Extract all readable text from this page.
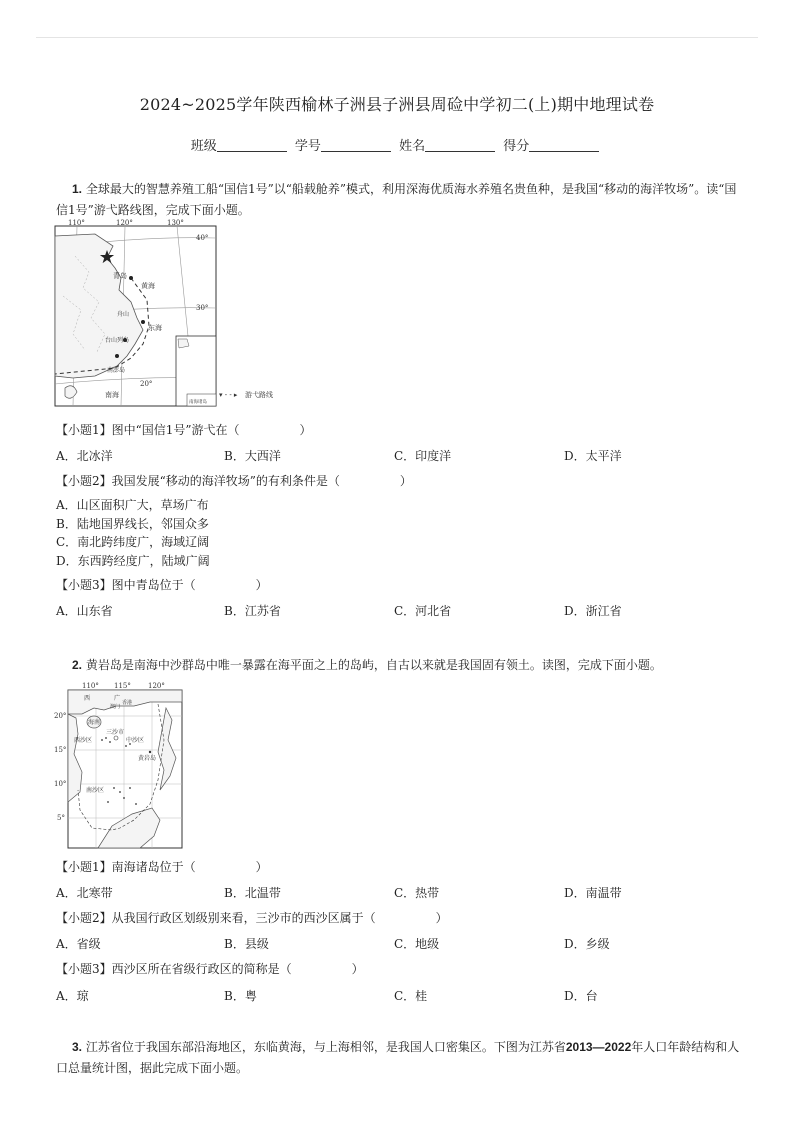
2024~2025学年陕西榆林子洲县子洲县周硷中学初二(上)期中地理试卷
班级	学号	姓名	得分
1. 全球最大的智慧养殖工船“国信1号”以“船载舱养”模式，利用深海优质海水养殖名贵鱼种，是我国“移动的海洋牧场”。读“国信1号”游弋路线图，完成下面小题。
110°	120°	130°
40°
30°
20°
青岛
黄海
东海
舟山
台山列岛
南澎岛
南海
南海诸岛
▾ - - ▸ 游弋路线
【小题1】图中“国信1号”游弋在（　　　　　）
A．北冰洋	B．大西洋	C．印度洋	D．太平洋
【小题2】我国发展“移动的海洋牧场”的有利条件是（　　　　　）
A．山区面积广大，草场广布
B．陆地国界线长，邻国众多
C．南北跨纬度广，海域辽阔
D．东西跨经度广，陆域广阔
【小题3】图中青岛位于（　　　　　）
A．山东省	B．江苏省	C．河北省	D．浙江省
2. 黄岩岛是南海中沙群岛中唯一暴露在海平面之上的岛屿，自古以来就是我国固有领土。读图，完成下面小题。
110° 115° 120°
20°
15°
10°
5°
西	广
澳门
香港
海南
三沙市
西沙区	中沙区
黄岩岛
南沙区
【小题1】南海诸岛位于（　　　　　）
A．北寒带	B．北温带	C．热带	D．南温带
【小题2】从我国行政区划级别来看，三沙市的西沙区属于（　　　　　）
A．省级	B．县级	C．地级	D．乡级
【小题3】西沙区所在省级行政区的简称是（　　　　　）
A．琼	B．粤	C．桂	D．台
3. 江苏省位于我国东部沿海地区，东临黄海，与上海相邻，是我国人口密集区。下图为江苏省2013—2022年人口年龄结构和人口总量统计图，据此完成下面小题。
